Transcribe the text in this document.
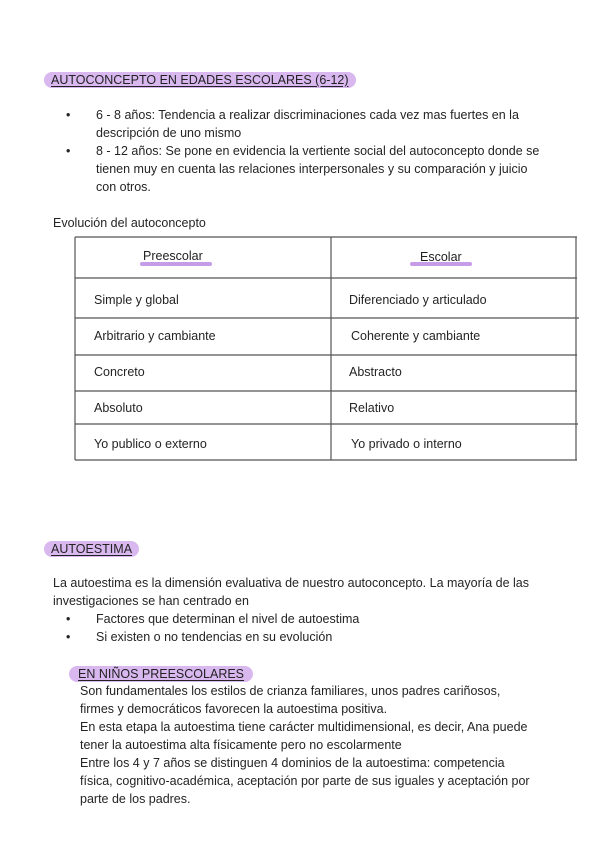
AUTOCONCEPTO EN EDADES ESCOLARES (6-12)
• 6 - 8 años: Tendencia a realizar discriminaciones cada vez mas fuertes en la
descripción de uno mismo
• 8 - 12 años: Se pone en evidencia la vertiente social del autoconcepto donde se
tienen muy en cuenta las relaciones interpersonales y su comparación y juicio
con otros.
Evolución del autoconcepto
Preescolar	Escolar
Simple y global	Diferenciado y articulado
Arbitrario y cambiante	Coherente y cambiante
Concreto	Abstracto
Absoluto	Relativo
Yo publico o externo	Yo privado o interno
AUTOESTIMA
La autoestima es la dimensión evaluativa de nuestro autoconcepto. La mayoría de las
investigaciones se han centrado en
• Factores que determinan el nivel de autoestima
• Si existen o no tendencias en su evolución
EN NIÑOS PREESCOLARES
Son fundamentales los estilos de crianza familiares, unos padres cariñosos,
firmes y democráticos favorecen la autoestima positiva.
En esta etapa la autoestima tiene carácter multidimensional, es decir, Ana puede
tener la autoestima alta físicamente pero no escolarmente
Entre los 4 y 7 años se distinguen 4 dominios de la autoestima: competencia
física, cognitivo-académica, aceptación por parte de sus iguales y aceptación por
parte de los padres.
